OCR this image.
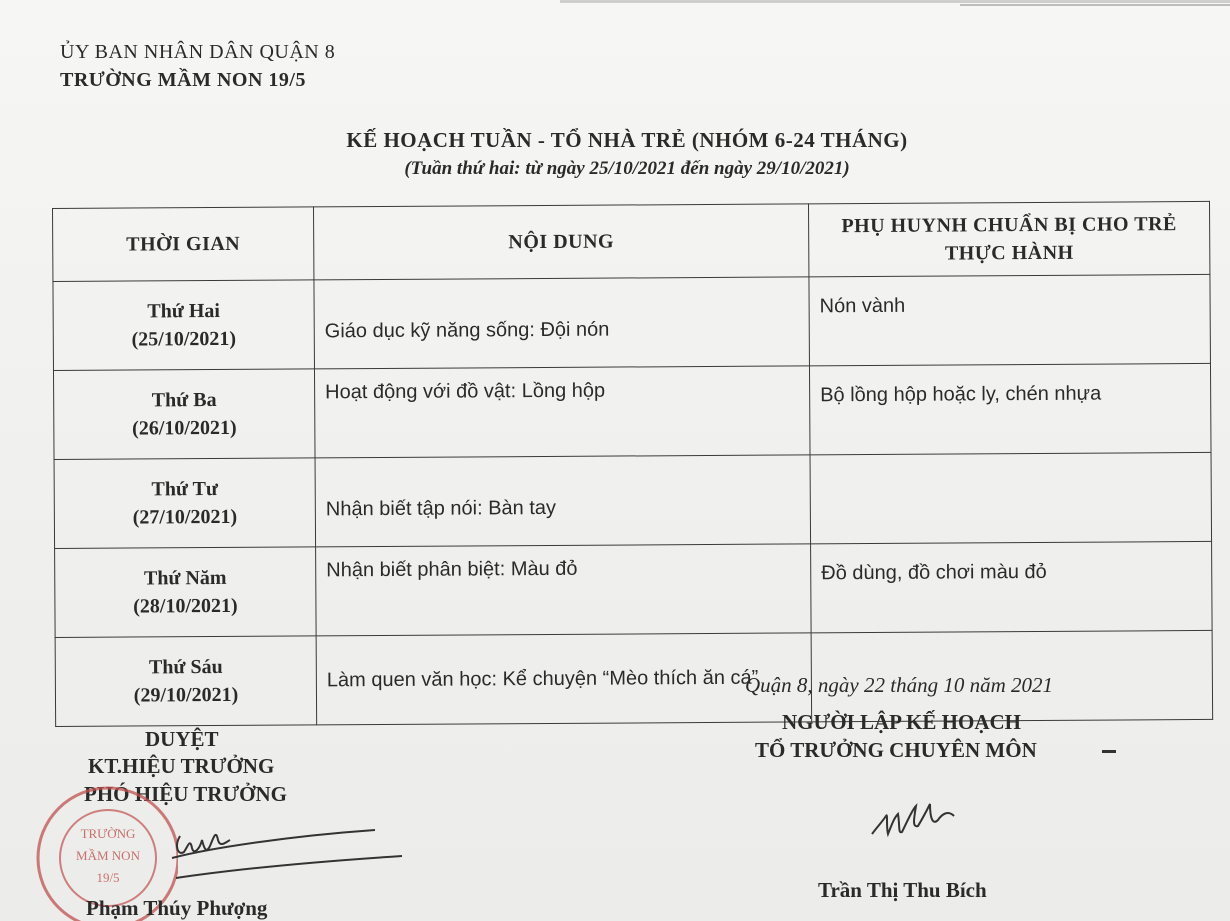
ỦY BAN NHÂN DÂN QUẬN 8
TRƯỜNG MẦM NON 19/5
KẾ HOẠCH TUẦN - TỔ NHÀ TRẺ (NHÓM 6-24 THÁNG)
(Tuần thứ hai: từ ngày 25/10/2021 đến ngày 29/10/2021)
THỜI GIAN	NỘI DUNG	PHỤ HUYNH CHUẨN BỊ CHO TRẺ
THỰC HÀNH

Thứ Hai
(25/10/2021)	Giáo dục kỹ năng sống: Đội nón	Nón vành

Thứ Ba
(26/10/2021)	Hoạt động với đồ vật: Lồng hộp	Bộ lồng hộp hoặc ly, chén nhựa

Thứ Tư
(27/10/2021)	Nhận biết tập nói: Bàn tay	

Thứ Năm
(28/10/2021)	Nhận biết phân biệt: Màu đỏ	Đồ dùng, đồ chơi màu đỏ

Thứ Sáu
(29/10/2021)	Làm quen văn học: Kể chuyện “Mèo thích ăn cá”	
Quận 8, ngày 22 tháng 10 năm 2021
NGƯỜI LẬP KẾ HOẠCH
TỔ TRƯỞNG CHUYÊN MÔN
Trần Thị Thu Bích
DUYỆT
KT.HIỆU TRƯỞNG
PHÓ HIỆU TRƯỞNG
TRƯỜNG
MẦM NON
19/5
Phạm Thúy Phượng
